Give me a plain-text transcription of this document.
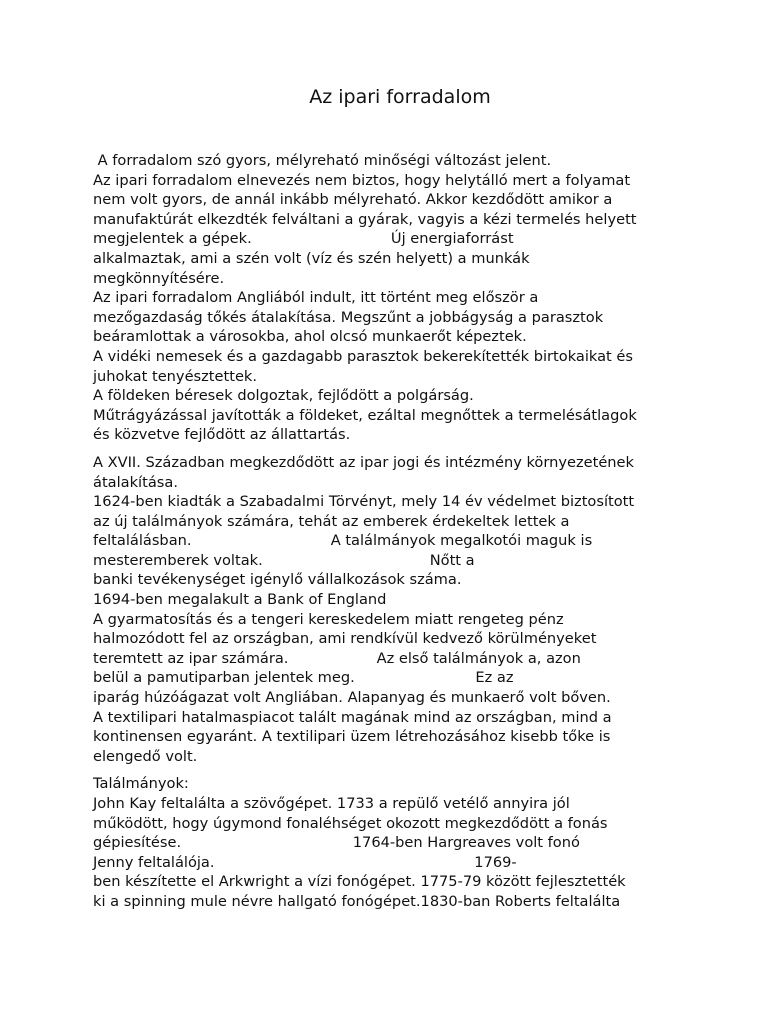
Az ipari forradalom
A forradalom szó gyors, mélyreható minőségi változást jelent.
Az ipari forradalom elnevezés nem biztos, hogy helytálló mert a folyamat
nem volt gyors, de annál inkább mélyreható. Akkor kezdődött amikor a
manufaktúrát elkezdték felváltani a gyárak, vagyis a kézi termelés helyett
megjelentek a gépek.                              Új energiaforrást
alkalmaztak, ami a szén volt (víz és szén helyett) a munkák
megkönnyítésére.
Az ipari forradalom Angliából indult, itt történt meg először a
mezőgazdaság tőkés átalakítása. Megszűnt a jobbágyság a parasztok
beáramlottak a városokba, ahol olcsó munkaerőt képeztek.
A vidéki nemesek és a gazdagabb parasztok bekerekítették birtokaikat és
juhokat tenyésztettek.
A földeken béresek dolgoztak, fejlődött a polgárság.
Műtrágyázással javították a földeket, ezáltal megnőttek a termelésátlagok
és közvetve fejlődött az állattartás.
A XVII. Században megkezdődött az ipar jogi és intézmény környezetének
átalakítása.
1624-ben kiadták a Szabadalmi Törvényt, mely 14 év védelmet biztosított
az új találmányok számára, tehát az emberek érdekeltek lettek a
feltalálásban.                              A találmányok megalkotói maguk is
mesteremberek voltak.                                    Nőtt a
banki tevékenységet igénylő vállalkozások száma.
1694-ben megalakult a Bank of England
A gyarmatosítás és a tengeri kereskedelem miatt rengeteg pénz
halmozódott fel az országban, ami rendkívül kedvező körülményeket
teremtett az ipar számára.                   Az első találmányok a, azon
belül a pamutiparban jelentek meg.                          Ez az
iparág húzóágazat volt Angliában. Alapanyag és munkaerő volt bőven.
A textilipari hatalmaspiacot talált magának mind az országban, mind a
kontinensen egyaránt. A textilipari üzem létrehozásához kisebb tőke is
elengedő volt.
Találmányok:
John Kay feltalálta a szövőgépet. 1733 a repülő vetélő annyira jól
működött, hogy úgymond fonaléhséget okozott megkezdődött a fonás
gépiesítése.                                     1764-ben Hargreaves volt fonó
Jenny feltalálója.                                                        1769-
ben készítette el Arkwright a vízi fonógépet. 1775-79 között fejlesztették
ki a spinning mule névre hallgató fonógépet.1830-ban Roberts feltalálta
